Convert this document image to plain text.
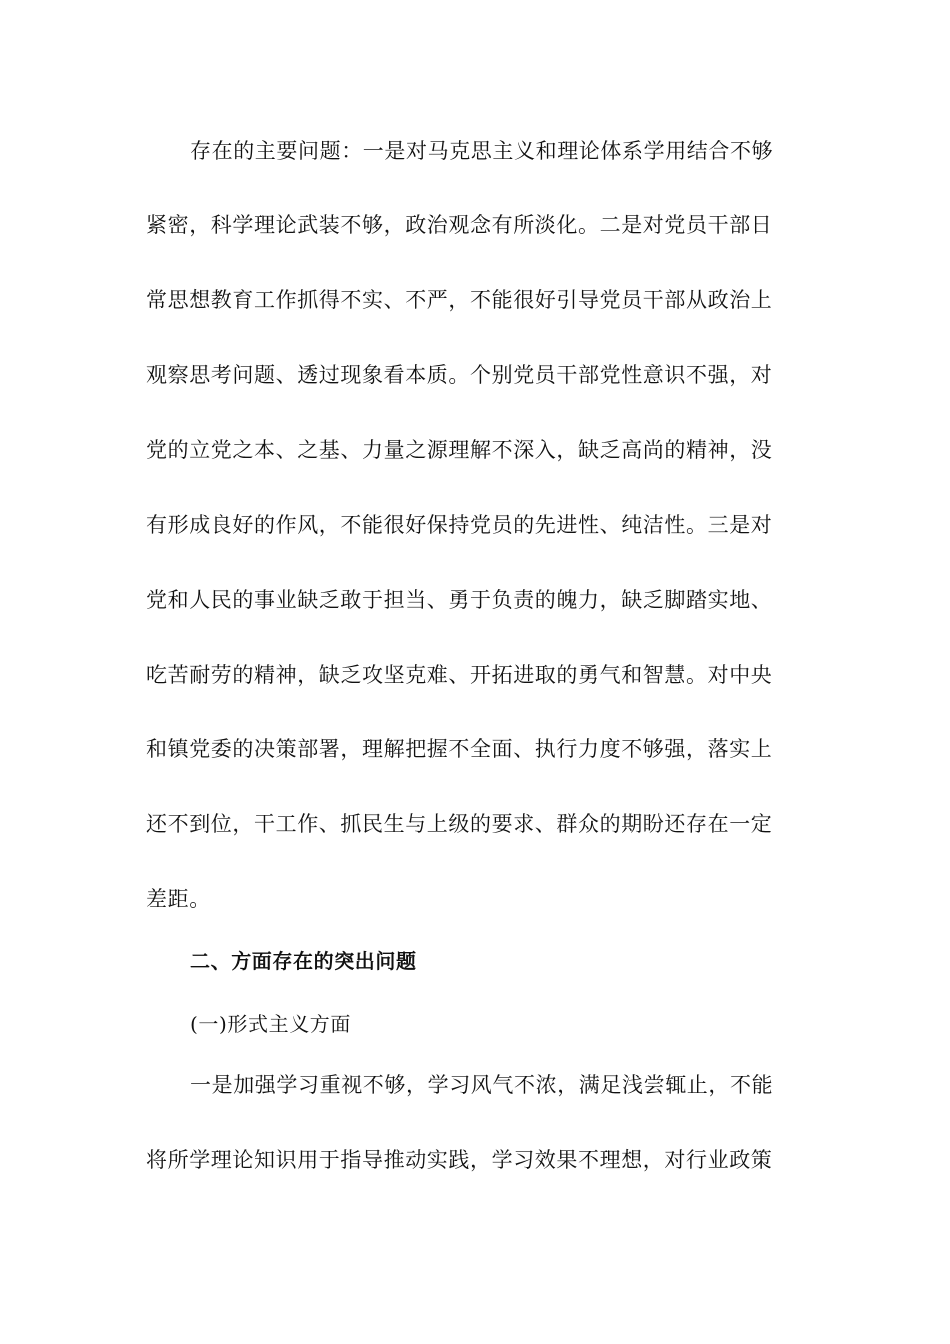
存在的主要问题：一是对马克思主义和理论体系学用结合不够
紧密，科学理论武装不够，政治观念有所淡化。二是对党员干部日
常思想教育工作抓得不实、不严，不能很好引导党员干部从政治上
观察思考问题、透过现象看本质。个别党员干部党性意识不强，对
党的立党之本、之基、力量之源理解不深入，缺乏高尚的精神，没
有形成良好的作风，不能很好保持党员的先进性、纯洁性。三是对
党和人民的事业缺乏敢于担当、勇于负责的魄力，缺乏脚踏实地、
吃苦耐劳的精神，缺乏攻坚克难、开拓进取的勇气和智慧。对中央
和镇党委的决策部署，理解把握不全面、执行力度不够强，落实上
还不到位，干工作、抓民生与上级的要求、群众的期盼还存在一定
差距。
二、方面存在的突出问题
(一)形式主义方面
一是加强学习重视不够，学习风气不浓，满足浅尝辄止，不能
将所学理论知识用于指导推动实践，学习效果不理想，对行业政策
